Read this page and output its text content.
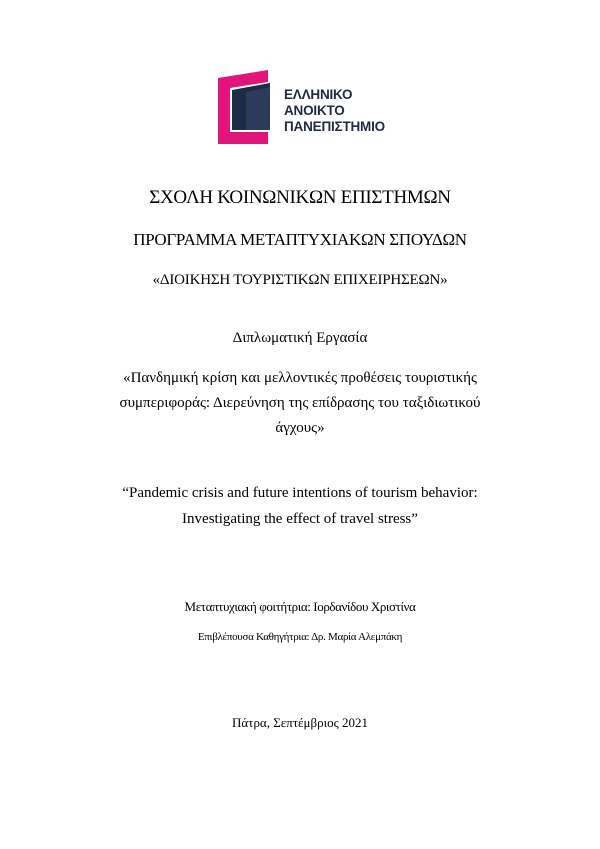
ΕΛΛΗΝΙΚΟ
ΑΝΟΙΚΤΟ
ΠΑΝΕΠΙΣΤΗΜΙΟ
ΣΧΟΛΗ ΚΟΙΝΩΝΙΚΩΝ ΕΠΙΣΤΗΜΩΝ
ΠΡΟΓΡΑΜΜΑ ΜΕΤΑΠΤΥΧΙΑΚΩΝ ΣΠΟΥΔΩΝ
«ΔΙΟΙΚΗΣΗ ΤΟΥΡΙΣΤΙΚΩΝ ΕΠΙΧΕΙΡΗΣΕΩΝ»
Διπλωματική Εργασία
«Πανδημική κρίση και μελλοντικές προθέσεις τουριστικής
συμπεριφοράς: Διερεύνηση της επίδρασης του ταξιδιωτικού
άγχους»
“Pandemic crisis and future intentions of tourism behavior:
Investigating the effect of travel stress”
Μεταπτυχιακή φοιτήτρια: Ιορδανίδου Χριστίνα
Επιβλέπουσα Καθηγήτρια: Δρ. Μαρία Αλεμπάκη
Πάτρα, Σεπτέμβριος 2021
